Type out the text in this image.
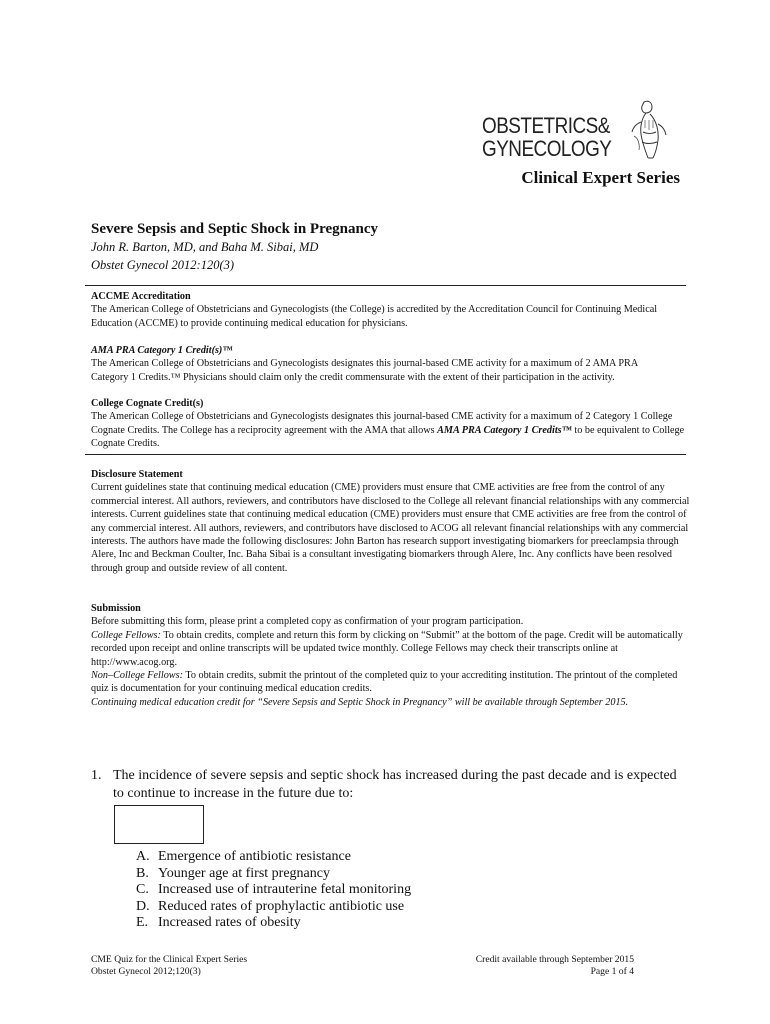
OBSTETRICS&
GYNECOLOGY
Clinical Expert Series
Severe Sepsis and Septic Shock in Pregnancy
John R. Barton, MD, and Baha M. Sibai, MD
Obstet Gynecol 2012:120(3)

ACCME Accreditation

The American College of Obstetricians and Gynecologists (the College) is accredited by the Accreditation Council for Continuing Medical Education (ACCME) to provide continuing medical education for physicians.

AMA PRA Category 1 Credit(s)™

The American College of Obstetricians and Gynecologists designates this journal-based CME activity for a maximum of 2 AMA PRA

Category 1 Credits.™ Physicians should claim only the credit commensurate with the extent of their participation in the activity.

College Cognate Credit(s)

The American College of Obstetricians and Gynecologists designates this journal-based CME activity for a maximum of 2 Category 1 College Cognate Credits. The College has a reciprocity agreement with the AMA that allows AMA PRA Category 1 Credits™ to be equivalent to College Cognate Credits.

Disclosure Statement

Current guidelines state that continuing medical education (CME) providers must ensure that CME activities are free from the control of any commercial interest. All authors, reviewers, and contributors have disclosed to the College all relevant financial relationships with any commercial interests. Current guidelines state that continuing medical education (CME) providers must ensure that CME activities are free from the control of any commercial interest. All authors, reviewers, and contributors have disclosed to ACOG all relevant financial relationships with any commercial interests. The authors have made the following disclosures: John Barton has research support investigating biomarkers for preeclampsia through Alere, Inc and Beckman Coulter, Inc. Baha Sibai is a consultant investigating biomarkers through Alere, Inc. Any conflicts have been resolved through group and outside review of all content.

Submission

Before submitting this form, please print a completed copy as confirmation of your program participation.

College Fellows: To obtain credits, complete and return this form by clicking on “Submit” at the bottom of the page. Credit will be automatically recorded upon receipt and online transcripts will be updated twice monthly. College Fellows may check their transcripts online at http://www.acog.org.

Non–College Fellows: To obtain credits, submit the printout of the completed quiz to your accrediting institution. The printout of the completed quiz is documentation for your continuing medical education credits.

Continuing medical education credit for “Severe Sepsis and Septic Shock in Pregnancy” will be available through September 2015.

1. The incidence of severe sepsis and septic shock has increased during the past decade and is expected to continue to increase in the future due to:
A. Emergence of antibiotic resistance
B. Younger age at first pregnancy
C. Increased use of intrauterine fetal monitoring
D. Reduced rates of prophylactic antibiotic use
E. Increased rates of obesity
CME Quiz for the Clinical Expert Series
Obstet Gynecol 2012;120(3)
Credit available through September 2015
Page 1 of 4
